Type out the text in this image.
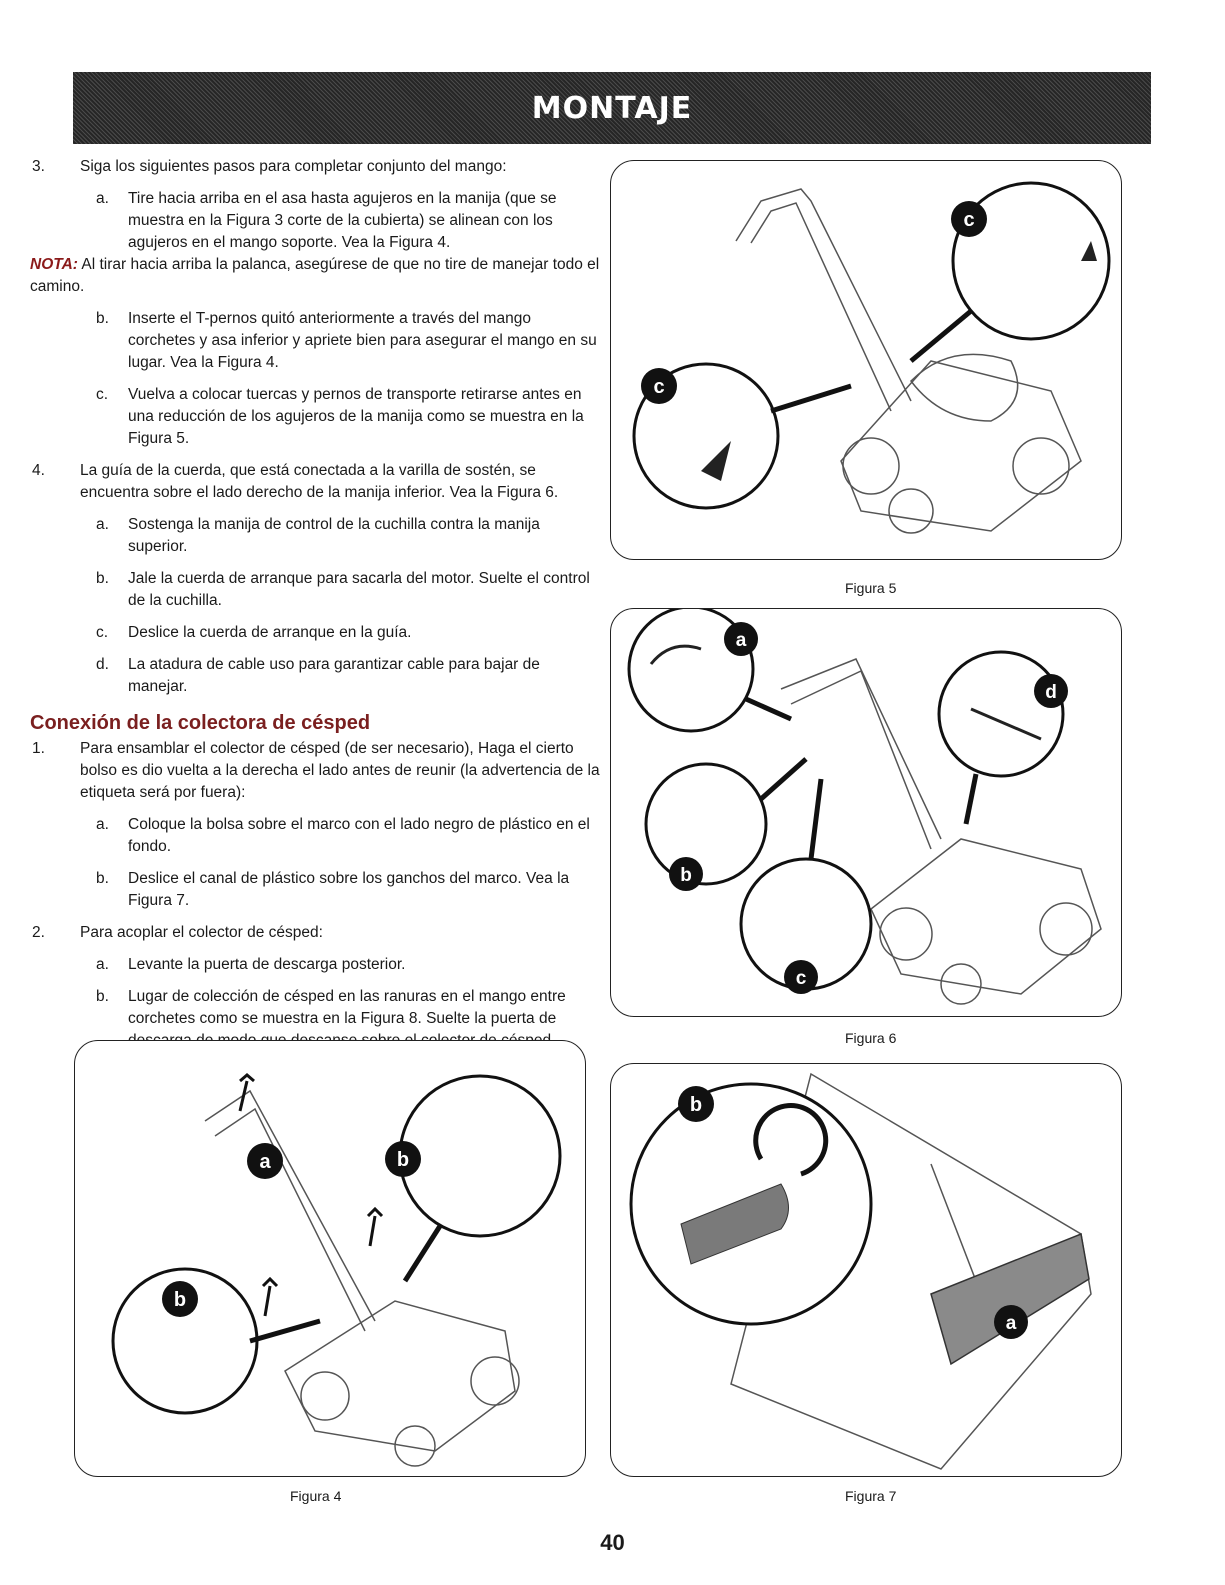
MONTAJE
3.	Siga los siguientes pasos para completar conjunto del mango:
a.	Tire hacia arriba en el asa hasta agujeros en la manija (que se muestra en la Figura 3 corte de la cubierta) se alinean con los agujeros en el mango soporte. Vea la Figura 4.

NOTA: Al tirar hacia arriba la palanca, asegúrese de que no tire de manejar todo el camino.

b.	Inserte el T-pernos quitó anteriormente a través del mango corchetes y asa inferior y apriete bien para asegurar el mango en su lugar. Vea la Figura 4.
c.	Vuelva a colocar tuercas y pernos de transporte retirarse antes en una reducción de los agujeros de la manija como se muestra en la Figura 5.
4.	La guía de la cuerda, que está conectada a la varilla de sostén, se encuentra sobre el lado derecho de la manija inferior. Vea la Figura 6.
a.	Sostenga la manija de control de la cuchilla contra la manija superior.
b.	Jale la cuerda de arranque para sacarla del motor. Suelte el control de la cuchilla.
c.	Deslice la cuerda de arranque en la guía.
d.	La atadura de cable uso para garantizar cable para bajar de manejar.
Conexión de la colectora de césped
1.	Para ensamblar el colector de césped (de ser necesario), Haga el cierto bolso es dio vuelta a la derecha el lado antes de reunir (la advertencia de la etiqueta será por fuera):
a.	Coloque la bolsa sobre el marco con el lado negro de plástico en el fondo.
b.	Deslice el canal de plástico sobre los ganchos del marco. Vea la Figura 7.
2.	Para acoplar el colector de césped:
a.	Levante la puerta de descarga posterior.
b.	Lugar de colección de césped en las ranuras en el mango entre corchetes como se muestra en la Figura 8. Suelte la puerta de
c
c
Figura 5
a
d
b
c
Figura 6
a	b
b
Figura 4
b
a
Figura 7
40
